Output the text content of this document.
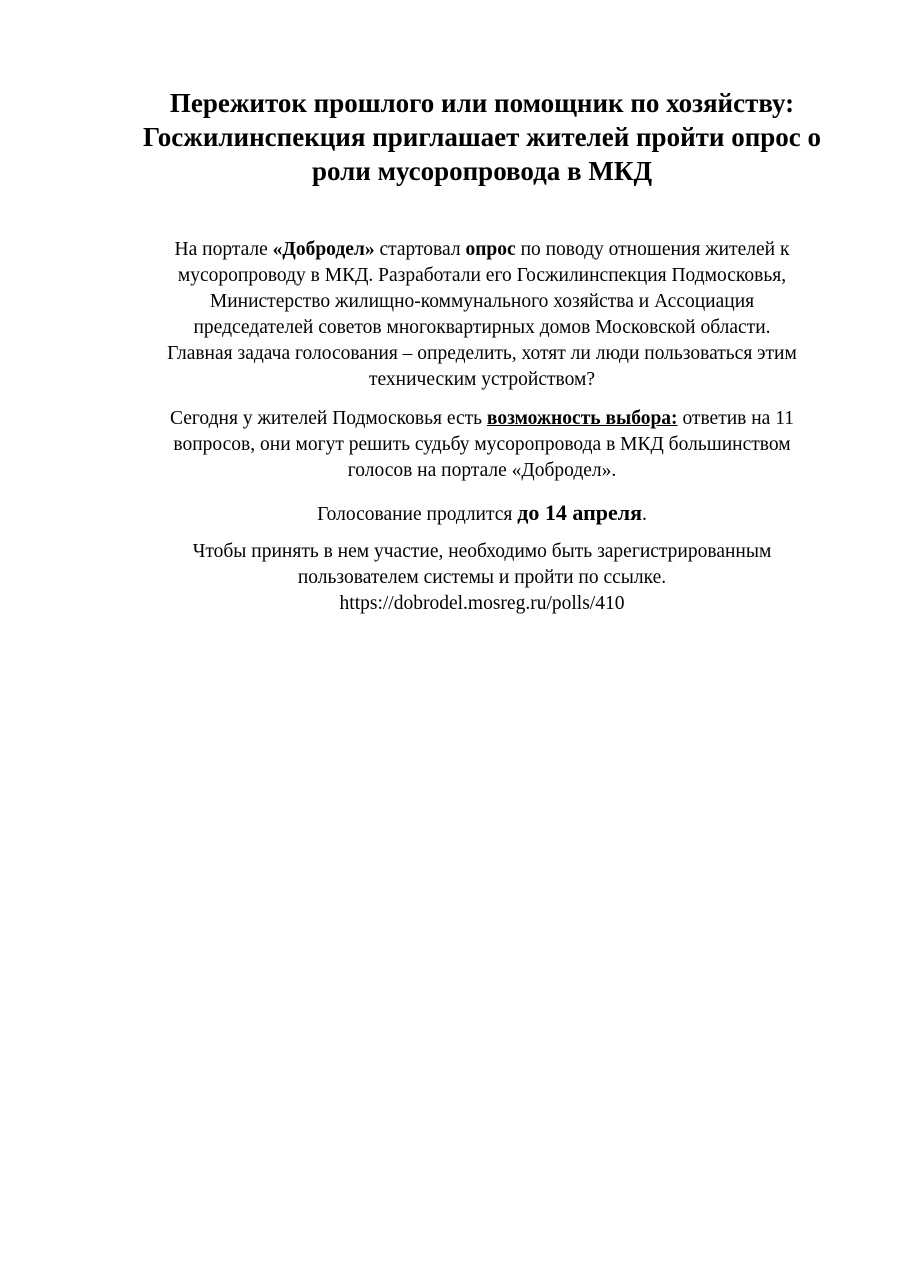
Пережиток прошлого или помощник по хозяйству:
Госжилинспекция приглашает жителей пройти опрос о
роли мусоропровода в МКД

На портале «Добродел» стартовал опрос по поводу отношения жителей к
мусоропроводу в МКД. Разработали его Госжилинспекция Подмосковья,
Министерство жилищно-коммунального хозяйства и Ассоциация
председателей советов многоквартирных домов Московской области.
Главная задача голосования – определить, хотят ли люди пользоваться этим
техническим устройством?

Сегодня у жителей Подмосковья есть возможность выбора: ответив на 11
вопросов, они могут решить судьбу мусоропровода в МКД большинством
голосов на портале «Добродел».

Голосование продлится до 14 апреля.

Чтобы принять в нем участие, необходимо быть зарегистрированным
пользователем системы и пройти по ссылке.
https://dobrodel.mosreg.ru/polls/410
